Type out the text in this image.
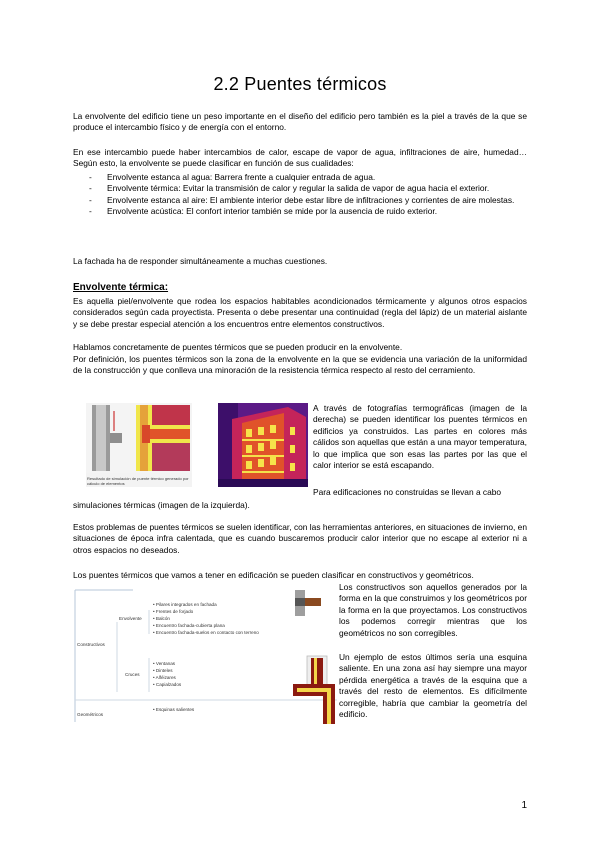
2.2 Puentes térmicos

La envolvente del edificio tiene un peso importante en el diseño del edificio pero también es la piel a través de la que se produce el intercambio físico y de energía con el entorno.

En ese intercambio puede haber intercambios de calor, escape de vapor de agua, infiltraciones de aire, humedad… Según esto, la envolvente se puede clasificar en función de sus cualidades:

- Envolvente estanca al agua: Barrera frente a cualquier entrada de agua.
- Envolvente térmica: Evitar la transmisión de calor y regular la salida de vapor de agua hacia el exterior.
- Envolvente estanca al aire: El ambiente interior debe estar libre de infiltraciones y corrientes de aire molestas.
- Envolvente acústica: El confort interior también se mide por la ausencia de ruido exterior.

La fachada ha de responder simultáneamente a muchas cuestiones.

Envolvente térmica:

Es aquella piel/envolvente que rodea los espacios habitables acondicionados térmicamente y algunos otros espacios considerados según cada proyectista. Presenta o debe presentar una continuidad (regla del lápiz) de un material aislante y se debe prestar especial atención a los encuentros entre elementos constructivos.

Hablamos concretamente de puentes térmicos que se pueden producir en la envolvente.

Por definición, los puentes térmicos son la zona de la envolvente en la que se evidencia una variación de la uniformidad de la construcción y que conlleva una minoración de la resistencia térmica respecto al resto del cerramiento.

Resultado de simulación de puente térmico generado por cálculo de elementos

A través de fotografías termográficas (imagen de la derecha) se pueden identificar los puentes térmicos en edificios ya construidos. Las partes en colores más cálidos son aquellas que están a una mayor temperatura, lo que implica que son esas las partes por las que el calor interior se está escapando.

Para edificaciones no construidas se llevan a cabo

simulaciones térmicas (imagen de la izquierda).

Estos problemas de puentes térmicos se suelen identificar, con las herramientas anteriores, en situaciones de invierno, en situaciones de época infra calentada, que es cuando buscaremos producir calor interior que no escape al exterior ni a otros espacios no deseados.

Los puentes térmicos que vamos a tener en edificación se pueden clasificar en constructivos y geométricos.

Constructivos
Envolvente
Cruces
Geométricos
• Pilares integrados en fachada
• Frentes de forjado
• Balcón
• Encuentro fachada-cubierta plana
• Encuentro fachada-suelos en contacto con terreno
• Ventanas
• Dinteles
• Alféizares
• Capialzados
• Esquinas salientes

Los constructivos son aquellos generados por la forma en la que construimos y los geométricos por la forma en la que proyectamos. Los constructivos los podemos corregir mientras que los geométricos no son corregibles.

Un ejemplo de estos últimos sería una esquina saliente. En una zona así hay siempre una mayor pérdida energética a través de la esquina que a través del resto de elementos. Es difícilmente corregible, habría que cambiar la geometría del edificio.

1
